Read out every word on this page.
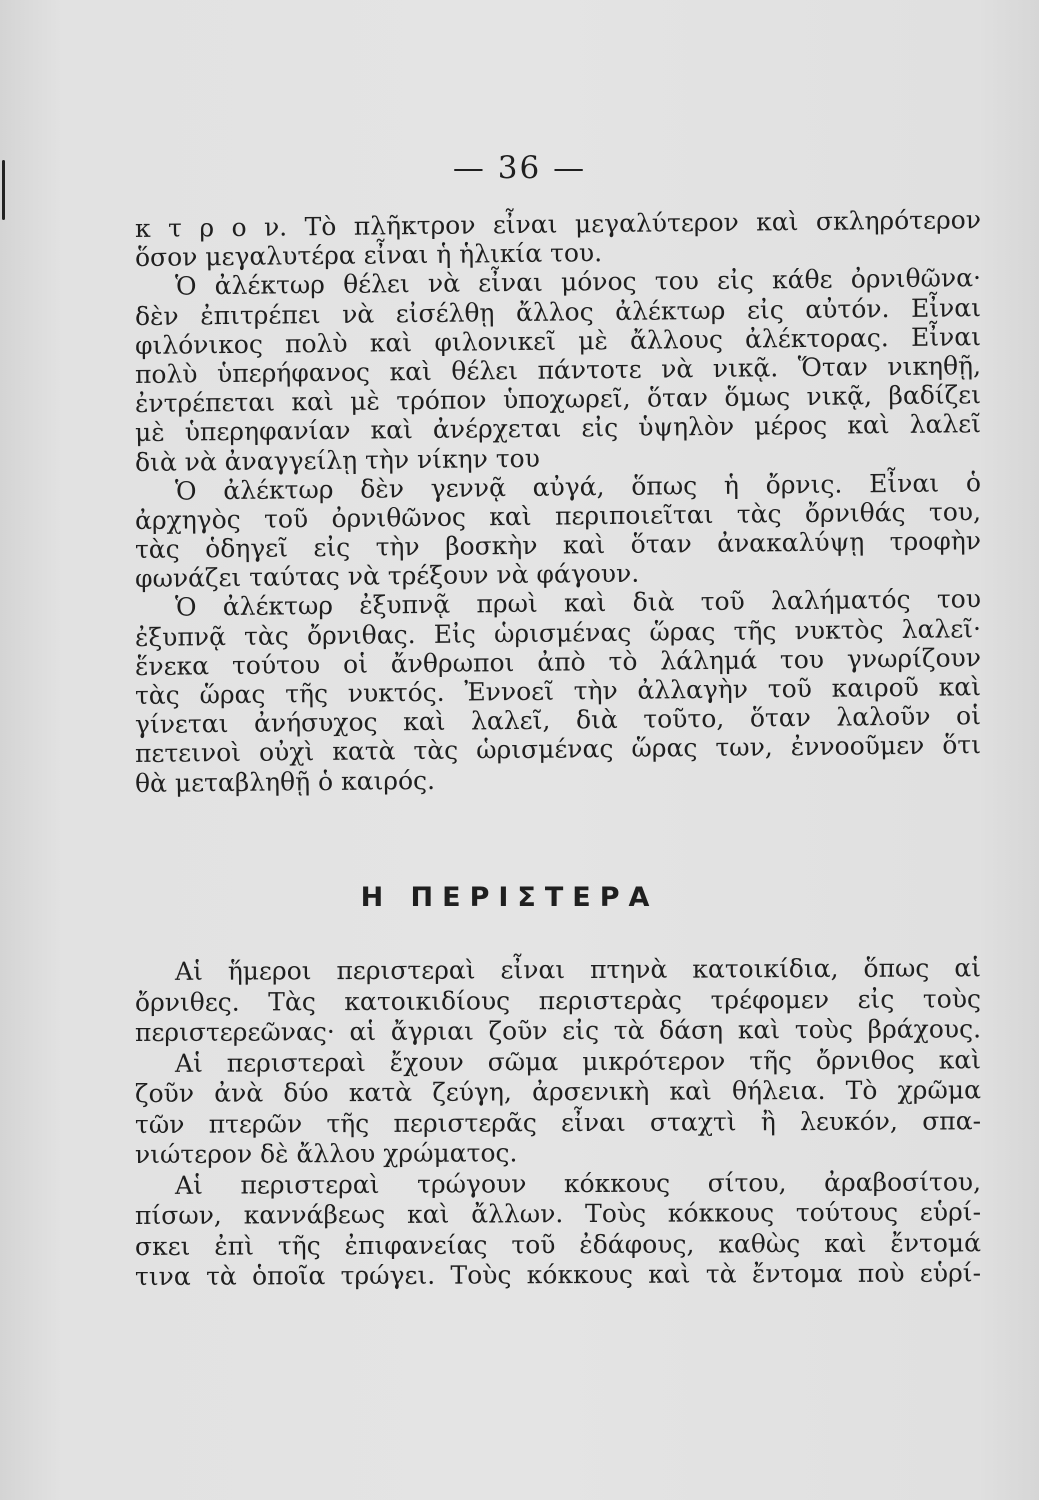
— 36 —
κ τ ρ ο ν. Τὸ πλῆκτρον εἶναι μεγαλύτερον καὶ σκληρότερον
ὅσον μεγαλυτέρα εἶναι ἡ ἡλικία του.
Ὁ ἀλέκτωρ θέλει νὰ εἶναι μόνος του εἰς κάθε ὀρνιθῶνα·
δὲν ἐπιτρέπει νὰ εἰσέλθῃ ἄλλος ἀλέκτωρ εἰς αὐτόν. Εἶναι
φιλόνικος πολὺ καὶ φιλονικεῖ μὲ ἄλλους ἀλέκτορας. Εἶναι
πολὺ ὑπερήφανος καὶ θέλει πάντοτε νὰ νικᾷ. Ὅταν νικηθῇ,
ἐντρέπεται καὶ μὲ τρόπον ὑποχωρεῖ, ὅταν ὅμως νικᾷ, βαδίζει
μὲ ὑπερηφανίαν καὶ ἀνέρχεται εἰς ὑψηλὸν μέρος καὶ λαλεῖ
διὰ νὰ ἀναγγείλῃ τὴν νίκην του
Ὁ ἀλέκτωρ δὲν γεννᾷ αὐγά, ὅπως ἡ ὄρνις. Εἶναι ὁ
ἀρχηγὸς τοῦ ὀρνιθῶνος καὶ περιποιεῖται τὰς ὄρνιθάς του,
τὰς ὁδηγεῖ εἰς τὴν βοσκὴν καὶ ὅταν ἀνακαλύψῃ τροφὴν
φωνάζει ταύτας νὰ τρέξουν νὰ φάγουν.
Ὁ ἀλέκτωρ ἐξυπνᾷ πρωὶ καὶ διὰ τοῦ λαλήματός του
ἐξυπνᾷ τὰς ὄρνιθας. Εἰς ὡρισμένας ὥρας τῆς νυκτὸς λαλεῖ·
ἕνεκα τούτου οἱ ἄνθρωποι ἀπὸ τὸ λάλημά του γνωρίζουν
τὰς ὥρας τῆς νυκτός. Ἐννοεῖ τὴν ἀλλαγὴν τοῦ καιροῦ καὶ
γίνεται ἀνήσυχος καὶ λαλεῖ, διὰ τοῦτο, ὅταν λαλοῦν οἱ
πετεινοὶ οὐχὶ κατὰ τὰς ὡρισμένας ὥρας των, ἐννοοῦμεν ὅτι
θὰ μεταβληθῇ ὁ καιρός.
Η ΠΕΡΙΣΤΕΡΑ
Αἱ ἥμεροι περιστεραὶ εἶναι πτηνὰ κατοικίδια, ὅπως αἱ
ὄρνιθες. Τὰς κατοικιδίους περιστερὰς τρέφομεν εἰς τοὺς
περιστερεῶνας· αἱ ἄγριαι ζοῦν εἰς τὰ δάση καὶ τοὺς βράχους.
Αἱ περιστεραὶ ἔχουν σῶμα μικρότερον τῆς ὄρνιθος καὶ
ζοῦν ἀνὰ δύο κατὰ ζεύγη, ἀρσενικὴ καὶ θήλεια. Τὸ χρῶμα
τῶν πτερῶν τῆς περιστερᾶς εἶναι σταχτὶ ἢ λευκόν, σπα-
νιώτερον δὲ ἄλλου χρώματος.
Αἱ περιστεραὶ τρώγουν κόκκους σίτου, ἀραβοσίτου,
πίσων, καννάβεως καὶ ἄλλων. Τοὺς κόκκους τούτους εὑρί-
σκει ἐπὶ τῆς ἐπιφανείας τοῦ ἐδάφους, καθὼς καὶ ἔντομά
τινα τὰ ὁποῖα τρώγει. Τοὺς κόκκους καὶ τὰ ἔντομα ποὺ εὑρί-
